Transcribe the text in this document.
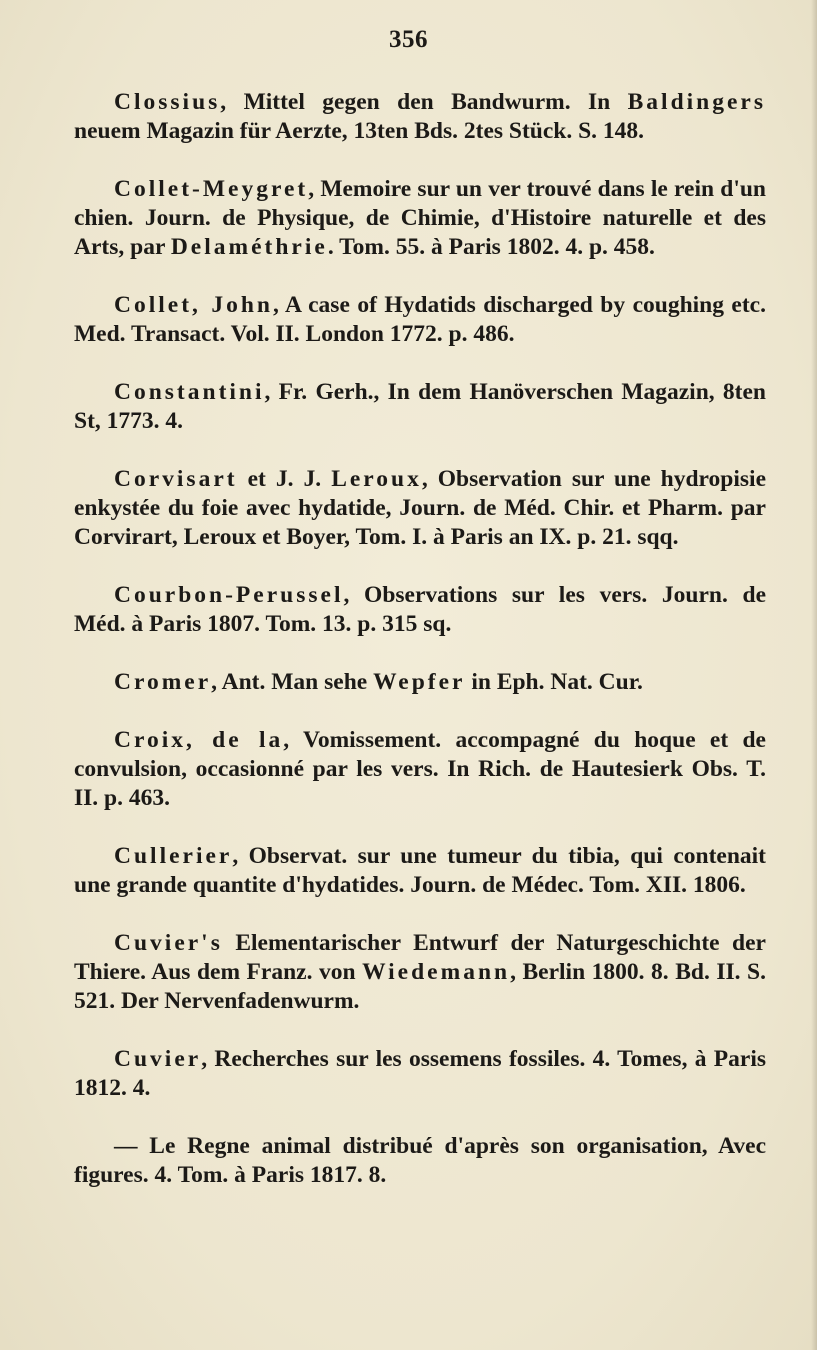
356

Clossius, Mittel gegen den Bandwurm. In Baldingers neuem Magazin für Aerzte, 13ten Bds. 2tes Stück. S. 148.

Collet-Meygret, Memoire sur un ver trouvé dans le rein d'un chien. Journ. de Physique, de Chimie, d'Histoire naturelle et des Arts, par Delaméthrie. Tom. 55. à Paris 1802. 4. p. 458.

Collet, John, A case of Hydatids discharged by coughing etc. Med. Transact. Vol. II. London 1772. p. 486.

Constantini, Fr. Gerh., In dem Hanöverschen Magazin, 8ten St, 1773. 4.

Corvisart et J. J. Leroux, Observation sur une hydropisie enkystée du foie avec hydatide, Journ. de Méd. Chir. et Pharm. par Corvirart, Leroux et Boyer, Tom. I. à Paris an IX. p. 21. sqq.

Courbon-Perussel, Observations sur les vers. Journ. de Méd. à Paris 1807. Tom. 13. p. 315 sq.

Cromer, Ant. Man sehe Wepfer in Eph. Nat. Cur.

Croix, de la, Vomissement. accompagné du hoque et de convulsion, occasionné par les vers. In Rich. de Hautesierk Obs. T. II. p. 463.

Cullerier, Observat. sur une tumeur du tibia, qui contenait une grande quantite d'hydatides. Journ. de Médec. Tom. XII. 1806.

Cuvier's Elementarischer Entwurf der Naturgeschichte der Thiere. Aus dem Franz. von Wiedemann, Berlin 1800. 8. Bd. II. S. 521. Der Nervenfadenwurm.

Cuvier, Recherches sur les ossemens fossiles. 4. Tomes, à Paris 1812. 4.

— Le Regne animal distribué d'après son organisation, Avec figures. 4. Tom. à Paris 1817. 8.
